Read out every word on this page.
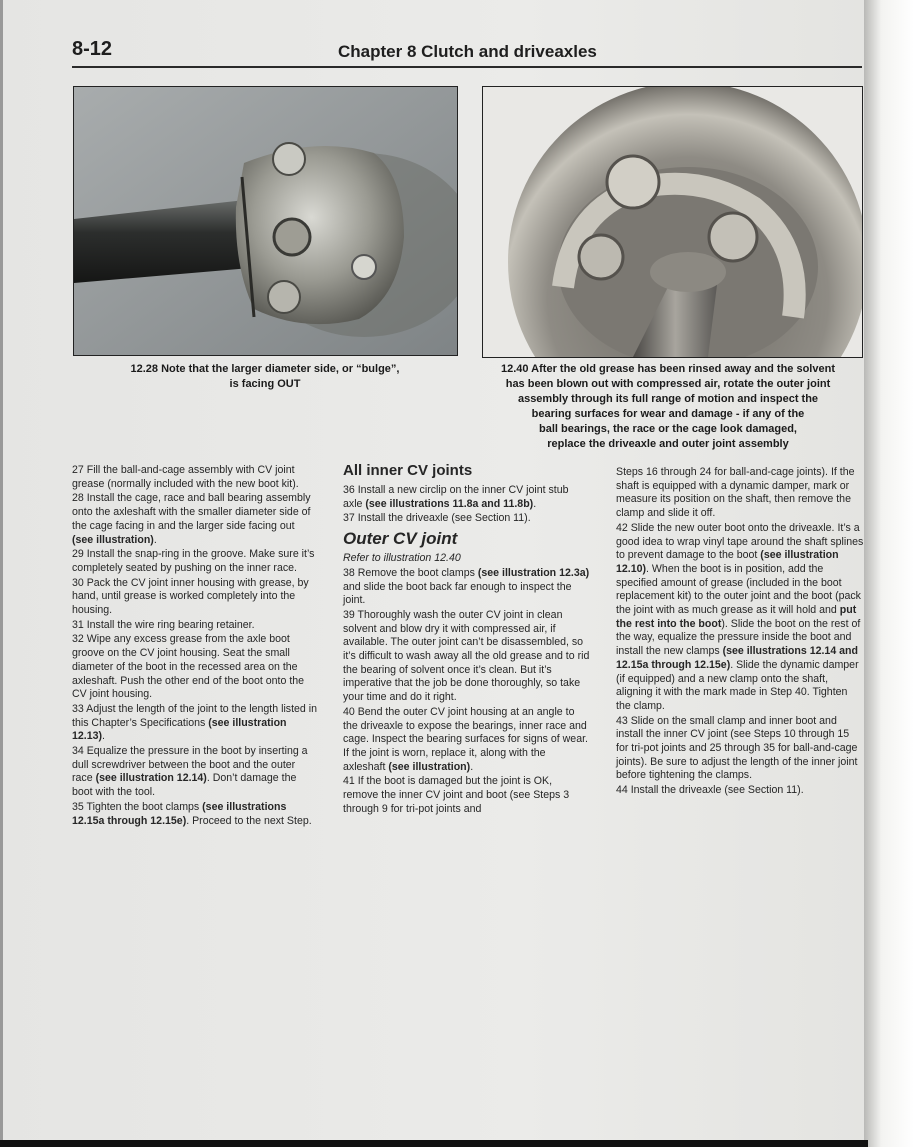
8-12	Chapter 8 Clutch and driveaxles
12.28 Note that the larger diameter side, or “bulge”,
is facing OUT
12.40 After the old grease has been rinsed away and the solvent
has been blown out with compressed air, rotate the outer joint
assembly through its full range of motion and inspect the
bearing surfaces for wear and damage - if any of the
ball bearings, the race or the cage look damaged,
replace the driveaxle and outer joint assembly

27 Fill the ball-and-cage assembly with CV joint grease (normally included with the new boot kit).

28 Install the cage, race and ball bearing assembly onto the axleshaft with the smaller diameter side of the cage facing in and the larger side facing out (see illustration).

29 Install the snap-ring in the groove. Make sure it’s completely seated by pushing on the inner race.

30 Pack the CV joint inner housing with grease, by hand, until grease is worked completely into the housing.

31 Install the wire ring bearing retainer.

32 Wipe any excess grease from the axle boot groove on the CV joint housing. Seat the small diameter of the boot in the recessed area on the axleshaft. Push the other end of the boot onto the CV joint housing.

33 Adjust the length of the joint to the length listed in this Chapter’s Specifications (see illustration 12.13).

34 Equalize the pressure in the boot by inserting a dull screwdriver between the boot and the outer race (see illustration 12.14). Don’t damage the boot with the tool.

35 Tighten the boot clamps (see illustrations 12.15a through 12.15e). Proceed to the next Step.

All inner CV joints

36 Install a new circlip on the inner CV joint stub axle (see illustrations 11.8a and 11.8b).

37 Install the driveaxle (see Section 11).

Outer CV joint

Refer to illustration 12.40

38 Remove the boot clamps (see illustration 12.3a) and slide the boot back far enough to inspect the joint.

39 Thoroughly wash the outer CV joint in clean solvent and blow dry it with compressed air, if available. The outer joint can’t be disassembled, so it’s difficult to wash away all the old grease and to rid the bearing of solvent once it’s clean. But it’s imperative that the job be done thoroughly, so take your time and do it right.

40 Bend the outer CV joint housing at an angle to the driveaxle to expose the bearings, inner race and cage. Inspect the bearing surfaces for signs of wear. If the joint is worn, replace it, along with the axleshaft (see illustration).

41 If the boot is damaged but the joint is OK, remove the inner CV joint and boot (see Steps 3 through 9 for tri-pot joints and

Steps 16 through 24 for ball-and-cage joints). If the shaft is equipped with a dynamic damper, mark or measure its position on the shaft, then remove the clamp and slide it off.

42 Slide the new outer boot onto the driveaxle. It’s a good idea to wrap vinyl tape around the shaft splines to prevent damage to the boot (see illustration 12.10). When the boot is in position, add the specified amount of grease (included in the boot replacement kit) to the outer joint and the boot (pack the joint with as much grease as it will hold and put the rest into the boot). Slide the boot on the rest of the way, equalize the pressure inside the boot and install the new clamps (see illustrations 12.14 and 12.15a through 12.15e). Slide the dynamic damper (if equipped) and a new clamp onto the shaft, aligning it with the mark made in Step 40. Tighten the clamp.

43 Slide on the small clamp and inner boot and install the inner CV joint (see Steps 10 through 15 for tri-pot joints and 25 through 35 for ball-and-cage joints). Be sure to adjust the length of the inner joint before tightening the clamps.

44 Install the driveaxle (see Section 11).
